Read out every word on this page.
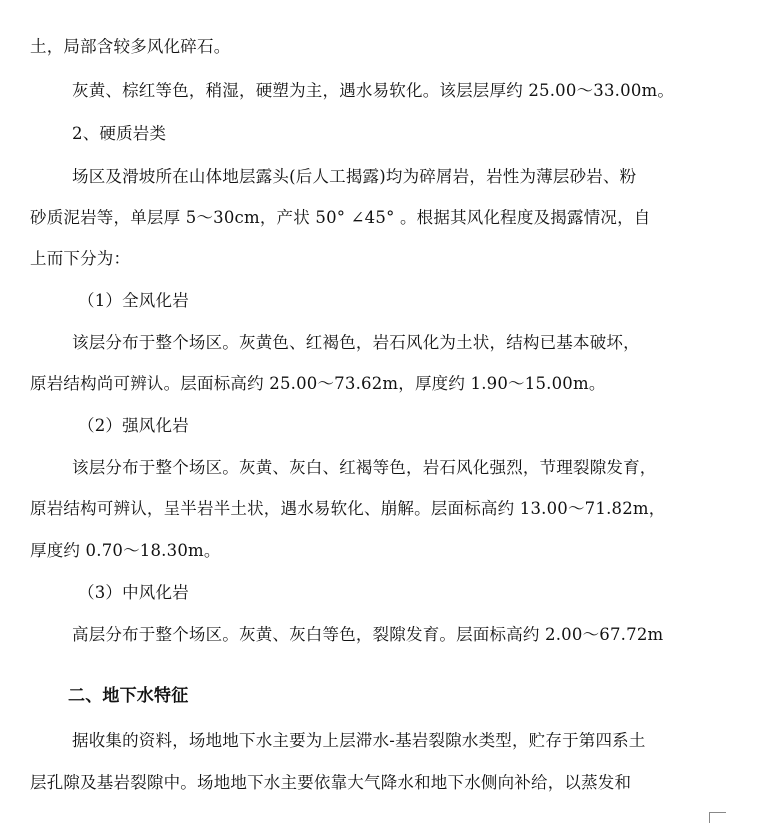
土，局部含较多风化碎石。
灰黄、棕红等色，稍湿，硬塑为主，遇水易软化。该层层厚约 25.00～33.00m。
2、硬质岩类
场区及滑坡所在山体地层露头(后人工揭露)均为碎屑岩，岩性为薄层砂岩、粉
砂质泥岩等，单层厚 5～30cm，产状 50° ∠45° 。根据其风化程度及揭露情况，自
上而下分为：
（1）全风化岩
该层分布于整个场区。灰黄色、红褐色，岩石风化为土状，结构已基本破坏，
原岩结构尚可辨认。层面标高约 25.00～73.62m，厚度约 1.90～15.00m。
（2）强风化岩
该层分布于整个场区。灰黄、灰白、红褐等色，岩石风化强烈，节理裂隙发育，
原岩结构可辨认，呈半岩半土状，遇水易软化、崩解。层面标高约 13.00～71.82m，
厚度约 0.70～18.30m。
（3）中风化岩
高层分布于整个场区。灰黄、灰白等色，裂隙发育。层面标高约 2.00～67.72m
二、地下水特征
据收集的资料，场地地下水主要为上层滞水-基岩裂隙水类型，贮存于第四系土
层孔隙及基岩裂隙中。场地地下水主要依靠大气降水和地下水侧向补给，以蒸发和
